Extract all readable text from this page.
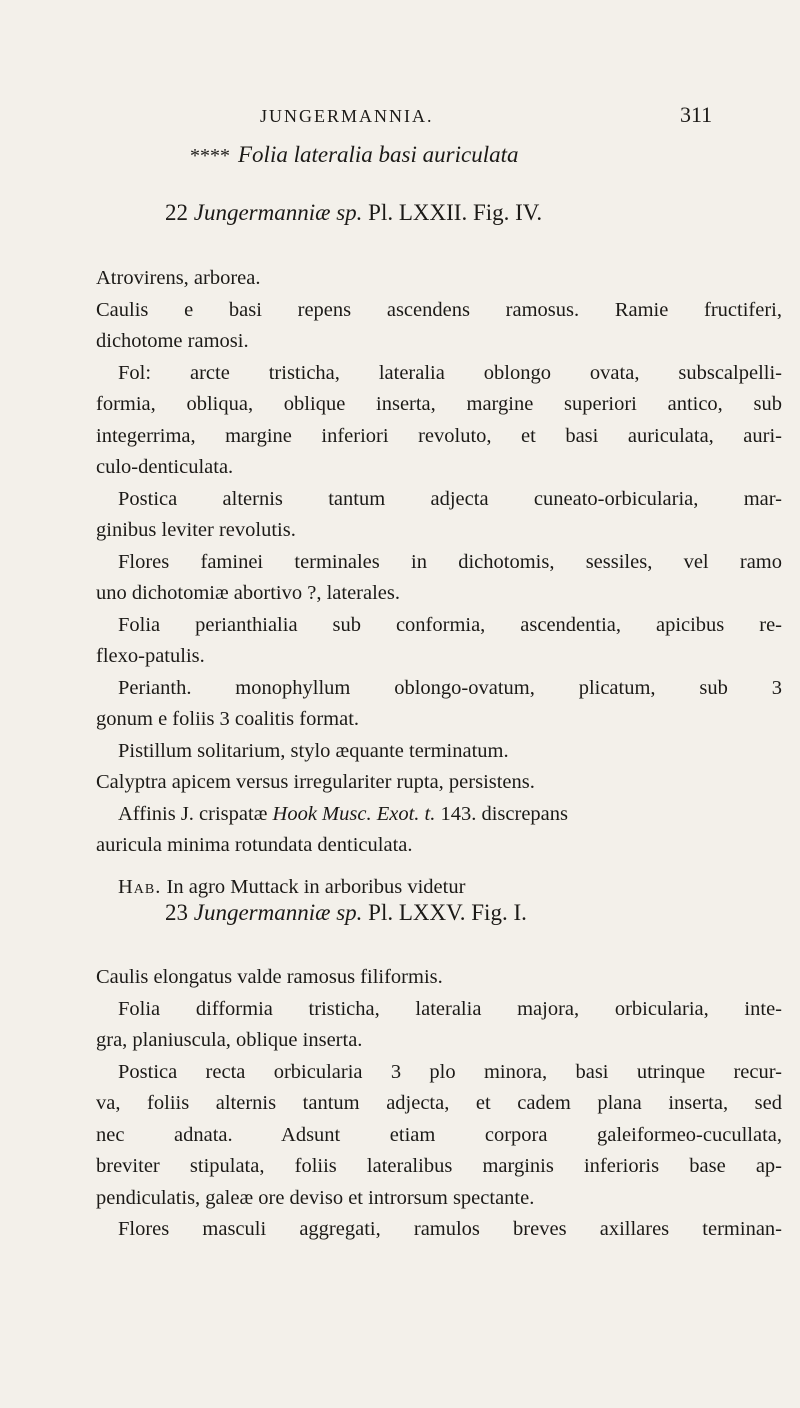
JUNGERMANNIA.	311
**** Folia lateralia basi auriculata
22 Jungermanniæ sp. Pl. LXXII. Fig. IV.
Atrovirens, arborea.
Caulis e basi repens ascendens ramosus. Ramie fructiferi,
dichotome ramosi.
Fol: arcte tristicha, lateralia oblongo ovata, subscalpelli-
formia, obliqua, oblique inserta, margine superiori antico, sub
integerrima, margine inferiori revoluto, et basi auriculata, auri-
culo-denticulata.
Postica alternis tantum adjecta cuneato-orbicularia, mar-
ginibus leviter revolutis.
Flores faminei terminales in dichotomis, sessiles, vel ramo
uno dichotomiæ abortivo ?, laterales.
Folia perianthialia sub conformia, ascendentia, apicibus re-
flexo-patulis.
Perianth. monophyllum oblongo-ovatum, plicatum, sub 3
gonum e foliis 3 coalitis format.
Pistillum solitarium, stylo æquante terminatum.
Calyptra apicem versus irregulariter rupta, persistens.
Affinis J. crispatæ Hook Musc. Exot. t. 143. discrepans
auricula minima rotundata denticulata.
Hab. In agro Muttack in arboribus videtur
23 Jungermanniæ sp. Pl. LXXV. Fig. I.
Caulis elongatus valde ramosus filiformis.
Folia difformia tristicha, lateralia majora, orbicularia, inte-
gra, planiuscula, oblique inserta.
Postica recta orbicularia 3 plo minora, basi utrinque recur-
va, foliis alternis tantum adjecta, et cadem plana inserta, sed
nec adnata. Adsunt etiam corpora galeiformeo-cucullata,
breviter stipulata, foliis lateralibus marginis inferioris base ap-
pendiculatis, galeæ ore deviso et introrsum spectante.
Flores masculi aggregati, ramulos breves axillares terminan-
